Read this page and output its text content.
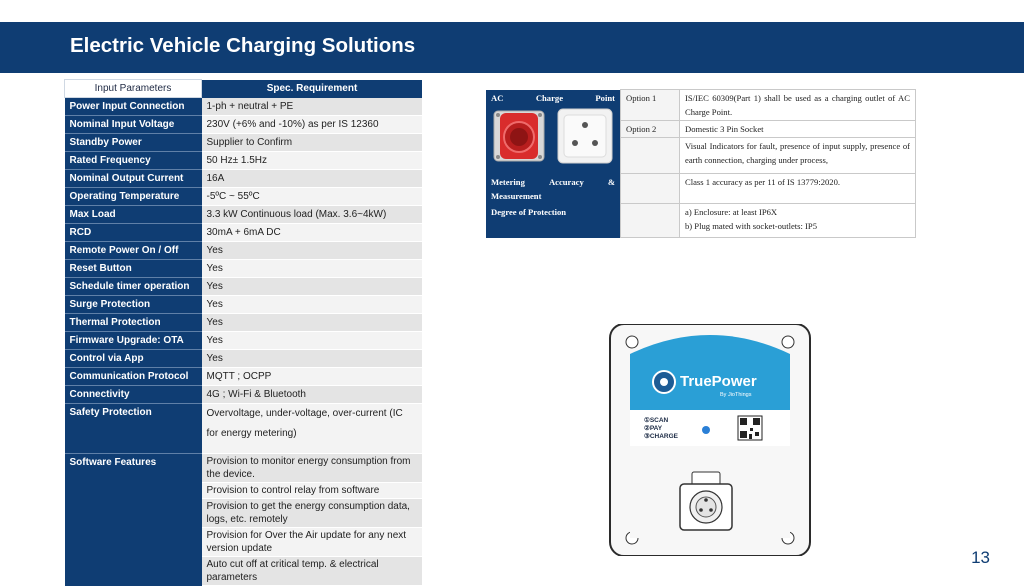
Electric Vehicle Charging Solutions
Input Parameters	Spec. Requirement
Power Input Connection	1-ph + neutral + PE
Nominal Input Voltage	230V (+6% and -10%) as per IS 12360
Standby Power	Supplier to Confirm
Rated Frequency	50 Hz± 1.5Hz
Nominal Output Current	16A
Operating Temperature	-5ºC ~ 55ºC
Max Load	3.3 kW Continuous load (Max. 3.6~4kW)
RCD	30mA + 6mA DC
Remote Power On / Off	Yes
Reset Button	Yes
Schedule timer operation	Yes
Surge Protection	Yes
Thermal Protection	Yes
Firmware Upgrade: OTA	Yes
Control via App	Yes
Communication Protocol	MQTT ; OCPP
Connectivity	4G ; Wi-Fi & Bluetooth
Safety Protection	Overvoltage, under-voltage, over-current (IC for energy metering)
Software Features	Provision to monitor energy consumption from the device.
	Provision to control relay from software
	Provision to get the energy consumption data, logs, etc. remotely
	Provision for Over the Air update for any next version update
	Auto cut off at critical temp. & electrical parameters
AC Charge Point	Option 1	IS/IEC 60309(Part 1) shall be used as a charging outlet of AC Charge Point.
	Option 2	Domestic 3 Pin Socket
		Visual Indicators for fault, presence of input supply, presence of earth connection, charging under process,

Metering Accuracy &
Measurement		Class 1 accuracy as per 11 of IS 13779:2020.
Degree of Protection		a) Enclosure: at least IP6X
b) Plug mated with socket-outlets: IP5
TruePower
By JioThings
①SCAN
②PAY
③CHARGE
13
